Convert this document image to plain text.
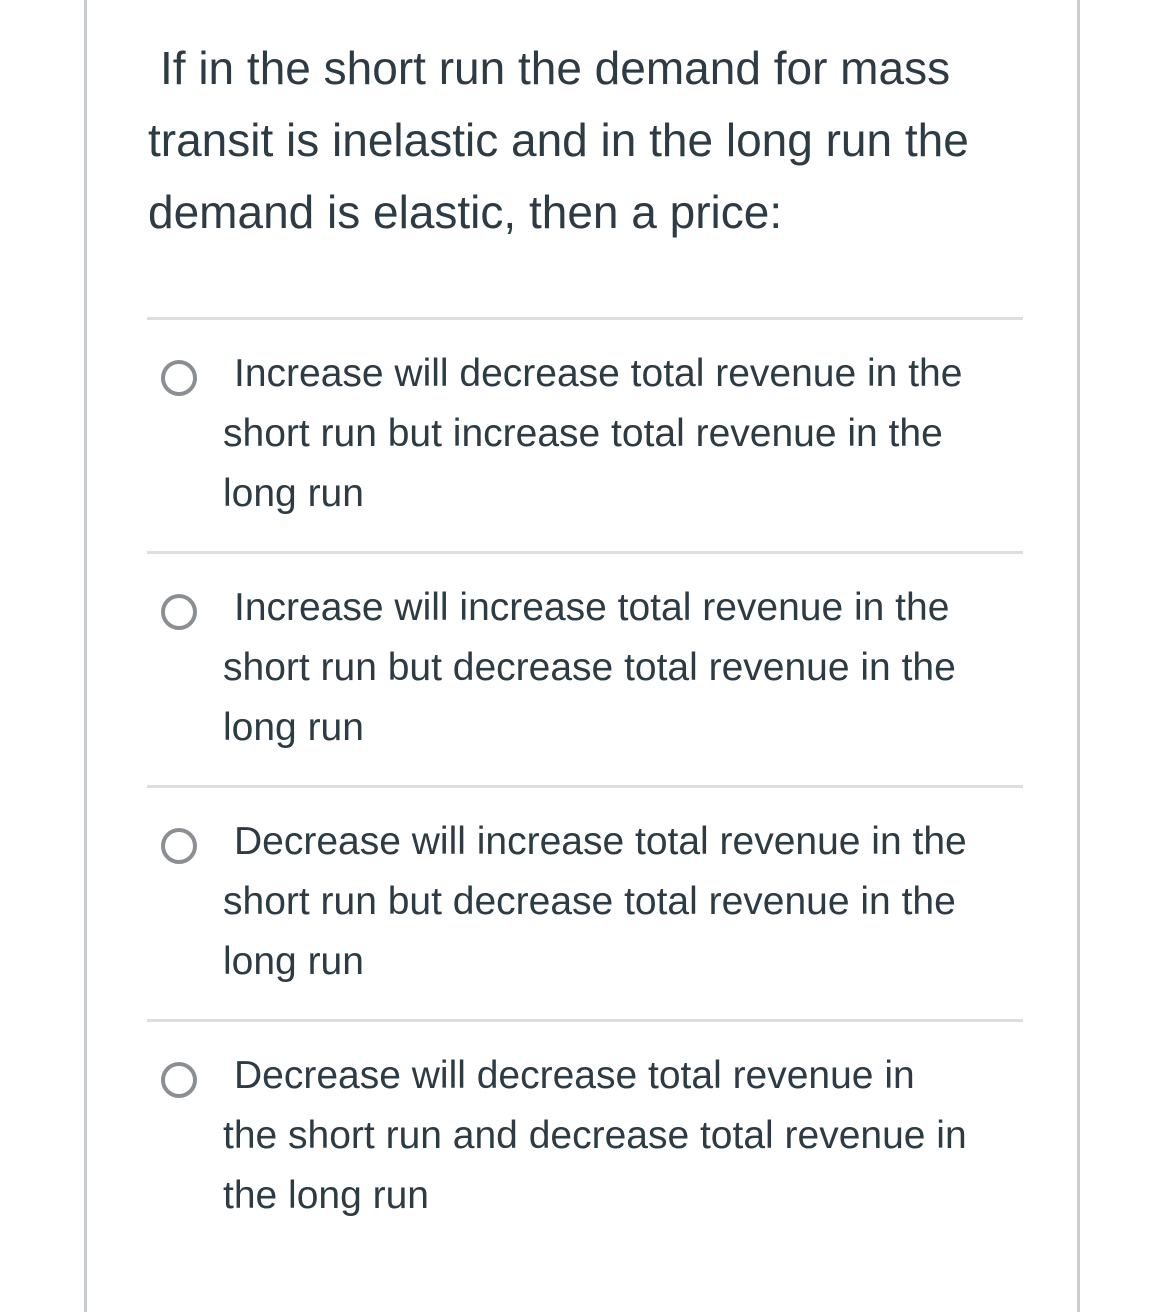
If in the short run the demand for mass
transit is inelastic and in the long run the
demand is elastic, then a price:
Increase will decrease total revenue in the
short run but increase total revenue in the
long run
Increase will increase total revenue in the
short run but decrease total revenue in the
long run
Decrease will increase total revenue in the
short run but decrease total revenue in the
long run
Decrease will decrease total revenue in
the short run and decrease total revenue in
the long run
